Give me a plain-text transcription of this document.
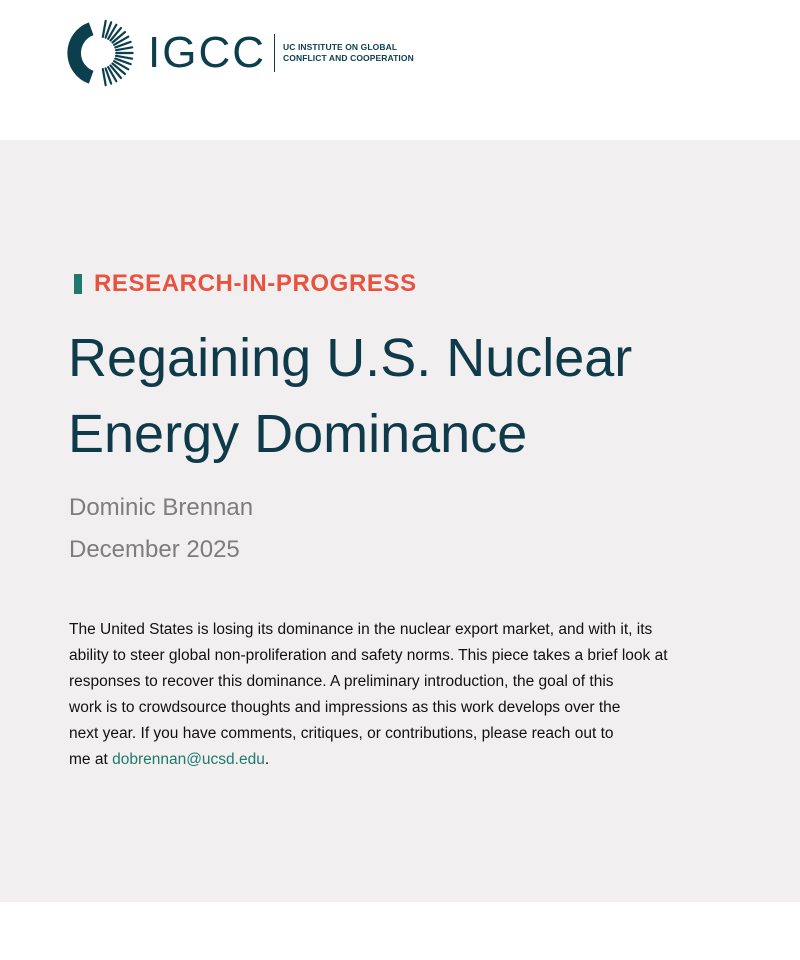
IGCC UC INSTITUTE ON GLOBAL
CONFLICT AND COOPERATION
RESEARCH-IN-PROGRESS
Regaining U.S. Nuclear
Energy Dominance
Dominic Brennan
December 2025

The United States is losing its dominance in the nuclear export market, and with it, its
ability to steer global non-proliferation and safety norms. This piece takes a brief look at
responses to recover this dominance. A preliminary introduction, the goal of this
work is to crowdsource thoughts and impressions as this work develops over the
next year. If you have comments, critiques, or contributions, please reach out to
me at dobrennan@ucsd.edu.
